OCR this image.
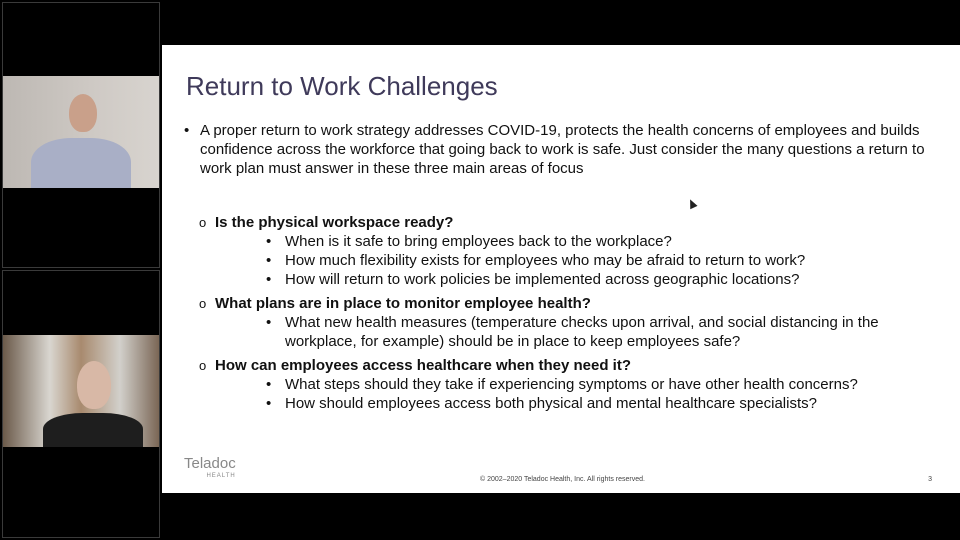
Return to Work Challenges
• A proper return to work strategy addresses COVID-19, protects the health concerns of employees and builds confidence across the workforce that going back to work is safe. Just consider the many questions a return to work plan must answer in these three main areas of focus
o Is the physical workspace ready?
• When is it safe to bring employees back to the workplace?
• How much flexibility exists for employees who may be afraid to return to work?
• How will return to work policies be implemented across geographic locations?
o What plans are in place to monitor employee health?
• What new health measures (temperature checks upon arrival, and social distancing in the workplace, for example) should be in place to keep employees safe?
o How can employees access healthcare when they need it?
• What steps should they take if experiencing symptoms or have other health concerns?
• How should employees access both physical and mental healthcare specialists?
Teladoc
HEALTH	© 2002–2020 Teladoc Health, Inc. All rights reserved.	3
